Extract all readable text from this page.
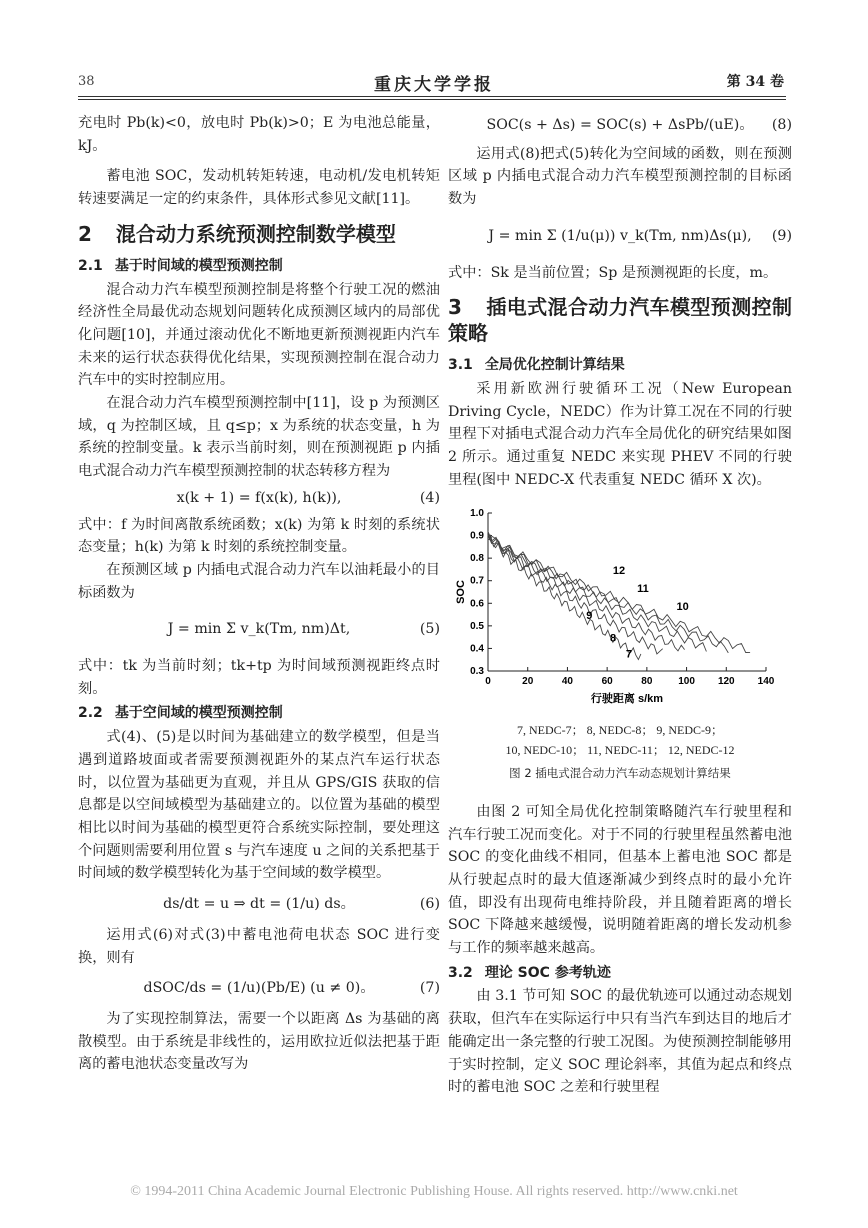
38	重庆大学学报	第 34 卷

充电时 Pb(k)<0，放电时 Pb(k)>0；E 为电池总能量，kJ。

蓄电池 SOC，发动机转矩转速，电动机/发电机转矩转速要满足一定的约束条件，具体形式参见文献[11]。

2 混合动力系统预测控制数学模型
2.1 基于时间域的模型预测控制

混合动力汽车模型预测控制是将整个行驶工况的燃油经济性全局最优动态规划问题转化成预测区域内的局部优化问题[10]，并通过滚动优化不断地更新预测视距内汽车未来的运行状态获得优化结果，实现预测控制在混合动力汽车中的实时控制应用。

在混合动力汽车模型预测控制中[11]，设 p 为预测区域，q 为控制区域，且 q≤p；x 为系统的状态变量，h 为系统的控制变量。k 表示当前时刻，则在预测视距 p 内插电式混合动力汽车模型预测控制的状态转移方程为

x(k + 1) = f(x(k), h(k)),	(4)

式中：f 为时间离散系统函数；x(k) 为第 k 时刻的系统状态变量；h(k) 为第 k 时刻的系统控制变量。

在预测区域 p 内插电式混合动力汽车以油耗最小的目标函数为

J = min Σ v_k(Tm, nm)Δt,	(5)

式中：tk 为当前时刻；tk+tp 为时间域预测视距终点时刻。

2.2 基于空间域的模型预测控制

式(4)、(5)是以时间为基础建立的数学模型，但是当遇到道路坡面或者需要预测视距外的某点汽车运行状态时，以位置为基础更为直观，并且从 GPS/GIS 获取的信息都是以空间域模型为基础建立的。以位置为基础的模型相比以时间为基础的模型更符合系统实际控制，要处理这个问题则需要利用位置 s 与汽车速度 u 之间的关系把基于时间域的数学模型转化为基于空间域的数学模型。

ds/dt = u ⇒ dt = (1/u) ds。	(6)

运用式(6)对式(3)中蓄电池荷电状态 SOC 进行变换，则有

dSOC/ds = (1/u)(Pb/E) (u ≠ 0)。	(7)

为了实现控制算法，需要一个以距离 Δs 为基础的离散模型。由于系统是非线性的，运用欧拉近似法把基于距离的蓄电池状态变量改写为

SOC(s + Δs) = SOC(s) + ΔsPb/(uE)。 (8)

运用式(8)把式(5)转化为空间域的函数，则在预测区域 p 内插电式混合动力汽车模型预测控制的目标函数为

J = min Σ (1/u(μ)) v_k(Tm, nm)Δs(μ), (9)

式中：Sk 是当前位置；Sp 是预测视距的长度，m。

3 插电式混合动力汽车模型预测控制策略
3.1 全局优化控制计算结果

采用新欧洲行驶循环工况（New European Driving Cycle，NEDC）作为计算工况在不同的行驶里程下对插电式混合动力汽车全局优化的研究结果如图 2 所示。通过重复 NEDC 来实现 PHEV 不同的行驶里程(图中 NEDC-X 代表重复 NEDC 循环 X 次)。

0	20	40	60	80	100 120 140
0.3
0.4
0.5
0.6
0.7
0.8
0.9
1.0
行驶距离 s/km
SOC
7
8
9
10
11
12
7, NEDC-7； 8, NEDC-8； 9, NEDC-9；
10, NEDC-10； 11, NEDC-11； 12, NEDC-12
图 2 插电式混合动力汽车动态规划计算结果

由图 2 可知全局优化控制策略随汽车行驶里程和汽车行驶工况而变化。对于不同的行驶里程虽然蓄电池 SOC 的变化曲线不相同，但基本上蓄电池 SOC 都是从行驶起点时的最大值逐渐减少到终点时的最小允许值，即没有出现荷电维持阶段，并且随着距离的增长 SOC 下降越来越缓慢，说明随着距离的增长发动机参与工作的频率越来越高。

3.2 理论 SOC 参考轨迹

由 3.1 节可知 SOC 的最优轨迹可以通过动态规划获取，但汽车在实际运行中只有当汽车到达目的地后才能确定出一条完整的行驶工况图。为使预测控制能够用于实时控制，定义 SOC 理论斜率，其值为起点和终点时的蓄电池 SOC 之差和行驶里程

© 1994-2011 China Academic Journal Electronic Publishing House. All rights reserved. http://www.cnki.net
